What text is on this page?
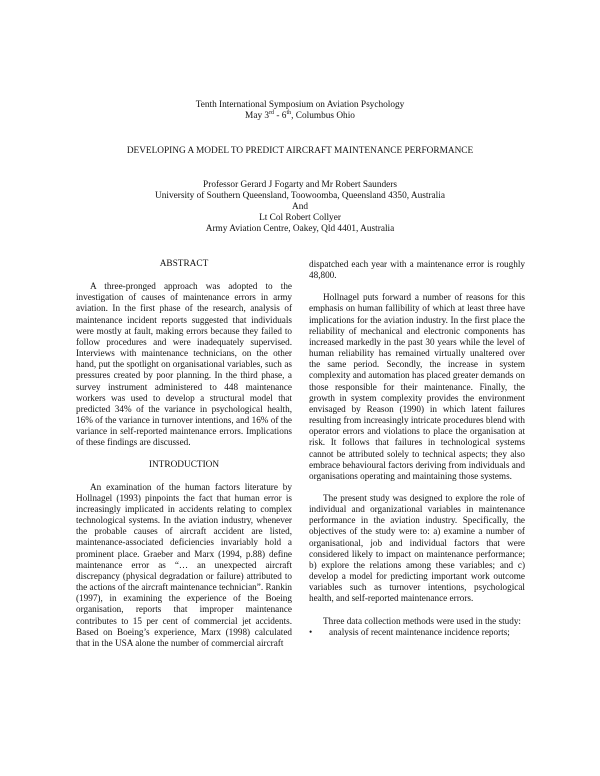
Tenth International Symposium on Aviation Psychology
May 3rd - 6th, Columbus Ohio
DEVELOPING A MODEL TO PREDICT AIRCRAFT MAINTENANCE PERFORMANCE
Professor Gerard J Fogarty and Mr Robert Saunders
University of Southern Queensland, Toowoomba, Queensland 4350, Australia
And
Lt Col Robert Collyer
Army Aviation Centre, Oakey, Qld 4401, Australia
ABSTRACT

A three-pronged approach was adopted to the investigation of causes of maintenance errors in army aviation. In the first phase of the research, analysis of maintenance incident reports suggested that individuals were mostly at fault, making errors because they failed to follow procedures and were inadequately supervised. Interviews with maintenance technicians, on the other hand, put the spotlight on organisational variables, such as pressures created by poor planning. In the third phase, a survey instrument administered to 448 maintenance workers was used to develop a structural model that predicted 34% of the variance in psychological health, 16% of the variance in turnover intentions, and 16% of the variance in self-reported maintenance errors. Implications of these findings are discussed.

INTRODUCTION

An examination of the human factors literature by Hollnagel (1993) pinpoints the fact that human error is increasingly implicated in accidents relating to complex technological systems. In the aviation industry, whenever the probable causes of aircraft accident are listed, maintenance-associated deficiencies invariably hold a prominent place. Graeber and Marx (1994, p.88) define maintenance error as “… an unexpected aircraft discrepancy (physical degradation or failure) attributed to the actions of the aircraft maintenance technician”. Rankin (1997), in examining the experience of the Boeing organisation, reports that improper maintenance contributes to 15 per cent of commercial jet accidents. Based on Boeing’s experience, Marx (1998) calculated that in the USA alone the number of commercial aircraft

dispatched each year with a maintenance error is roughly 48,800.

Hollnagel puts forward a number of reasons for this emphasis on human fallibility of which at least three have implications for the aviation industry. In the first place the reliability of mechanical and electronic components has increased markedly in the past 30 years while the level of human reliability has remained virtually unaltered over the same period. Secondly, the increase in system complexity and automation has placed greater demands on those responsible for their maintenance. Finally, the growth in system complexity provides the environment envisaged by Reason (1990) in which latent failures resulting from increasingly intricate procedures blend with operator errors and violations to place the organisation at risk. It follows that failures in technological systems cannot be attributed solely to technical aspects; they also embrace behavioural factors deriving from individuals and organisations operating and maintaining those systems.

The present study was designed to explore the role of individual and organizational variables in maintenance performance in the aviation industry. Specifically, the objectives of the study were to: a) examine a number of organisational, job and individual factors that were considered likely to impact on maintenance performance; b) explore the relations among these variables; and c) develop a model for predicting important work outcome variables such as turnover intentions, psychological health, and self-reported maintenance errors.

Three data collection methods were used in the study:

•	analysis of recent maintenance incidence reports;
